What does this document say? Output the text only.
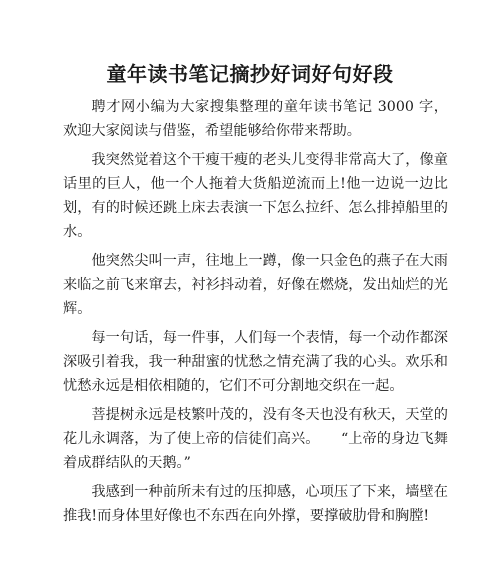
童年读书笔记摘抄好词好句好段

聘才网小编为大家搜集整理的童年读书笔记 3000 字，欢迎大家阅读与借鉴，希望能够给你带来帮助。

我突然觉着这个干瘦干瘦的老头儿变得非常高大了，像童话里的巨人，他一个人拖着大货船逆流而上!他一边说一边比划，有的时候还跳上床去表演一下怎么拉纤、怎么排掉船里的水。

他突然尖叫一声，往地上一蹲，像一只金色的燕子在大雨来临之前飞来窜去，衬衫抖动着，好像在燃烧，发出灿烂的光辉。

每一句话，每一件事，人们每一个表情，每一个动作都深深吸引着我，我一种甜蜜的忧愁之情充满了我的心头。欢乐和忧愁永远是相依相随的，它们不可分割地交织在一起。

菩提树永远是枝繁叶茂的，没有冬天也没有秋天，天堂的花儿永调落，为了使上帝的信徒们高兴。　　“上帝的身边飞舞着成群结队的天鹅。”

我感到一种前所未有过的压抑感，心项压了下来，墙壁在推我!而身体里好像也不东西在向外撑，要撑破肋骨和胸膛!
